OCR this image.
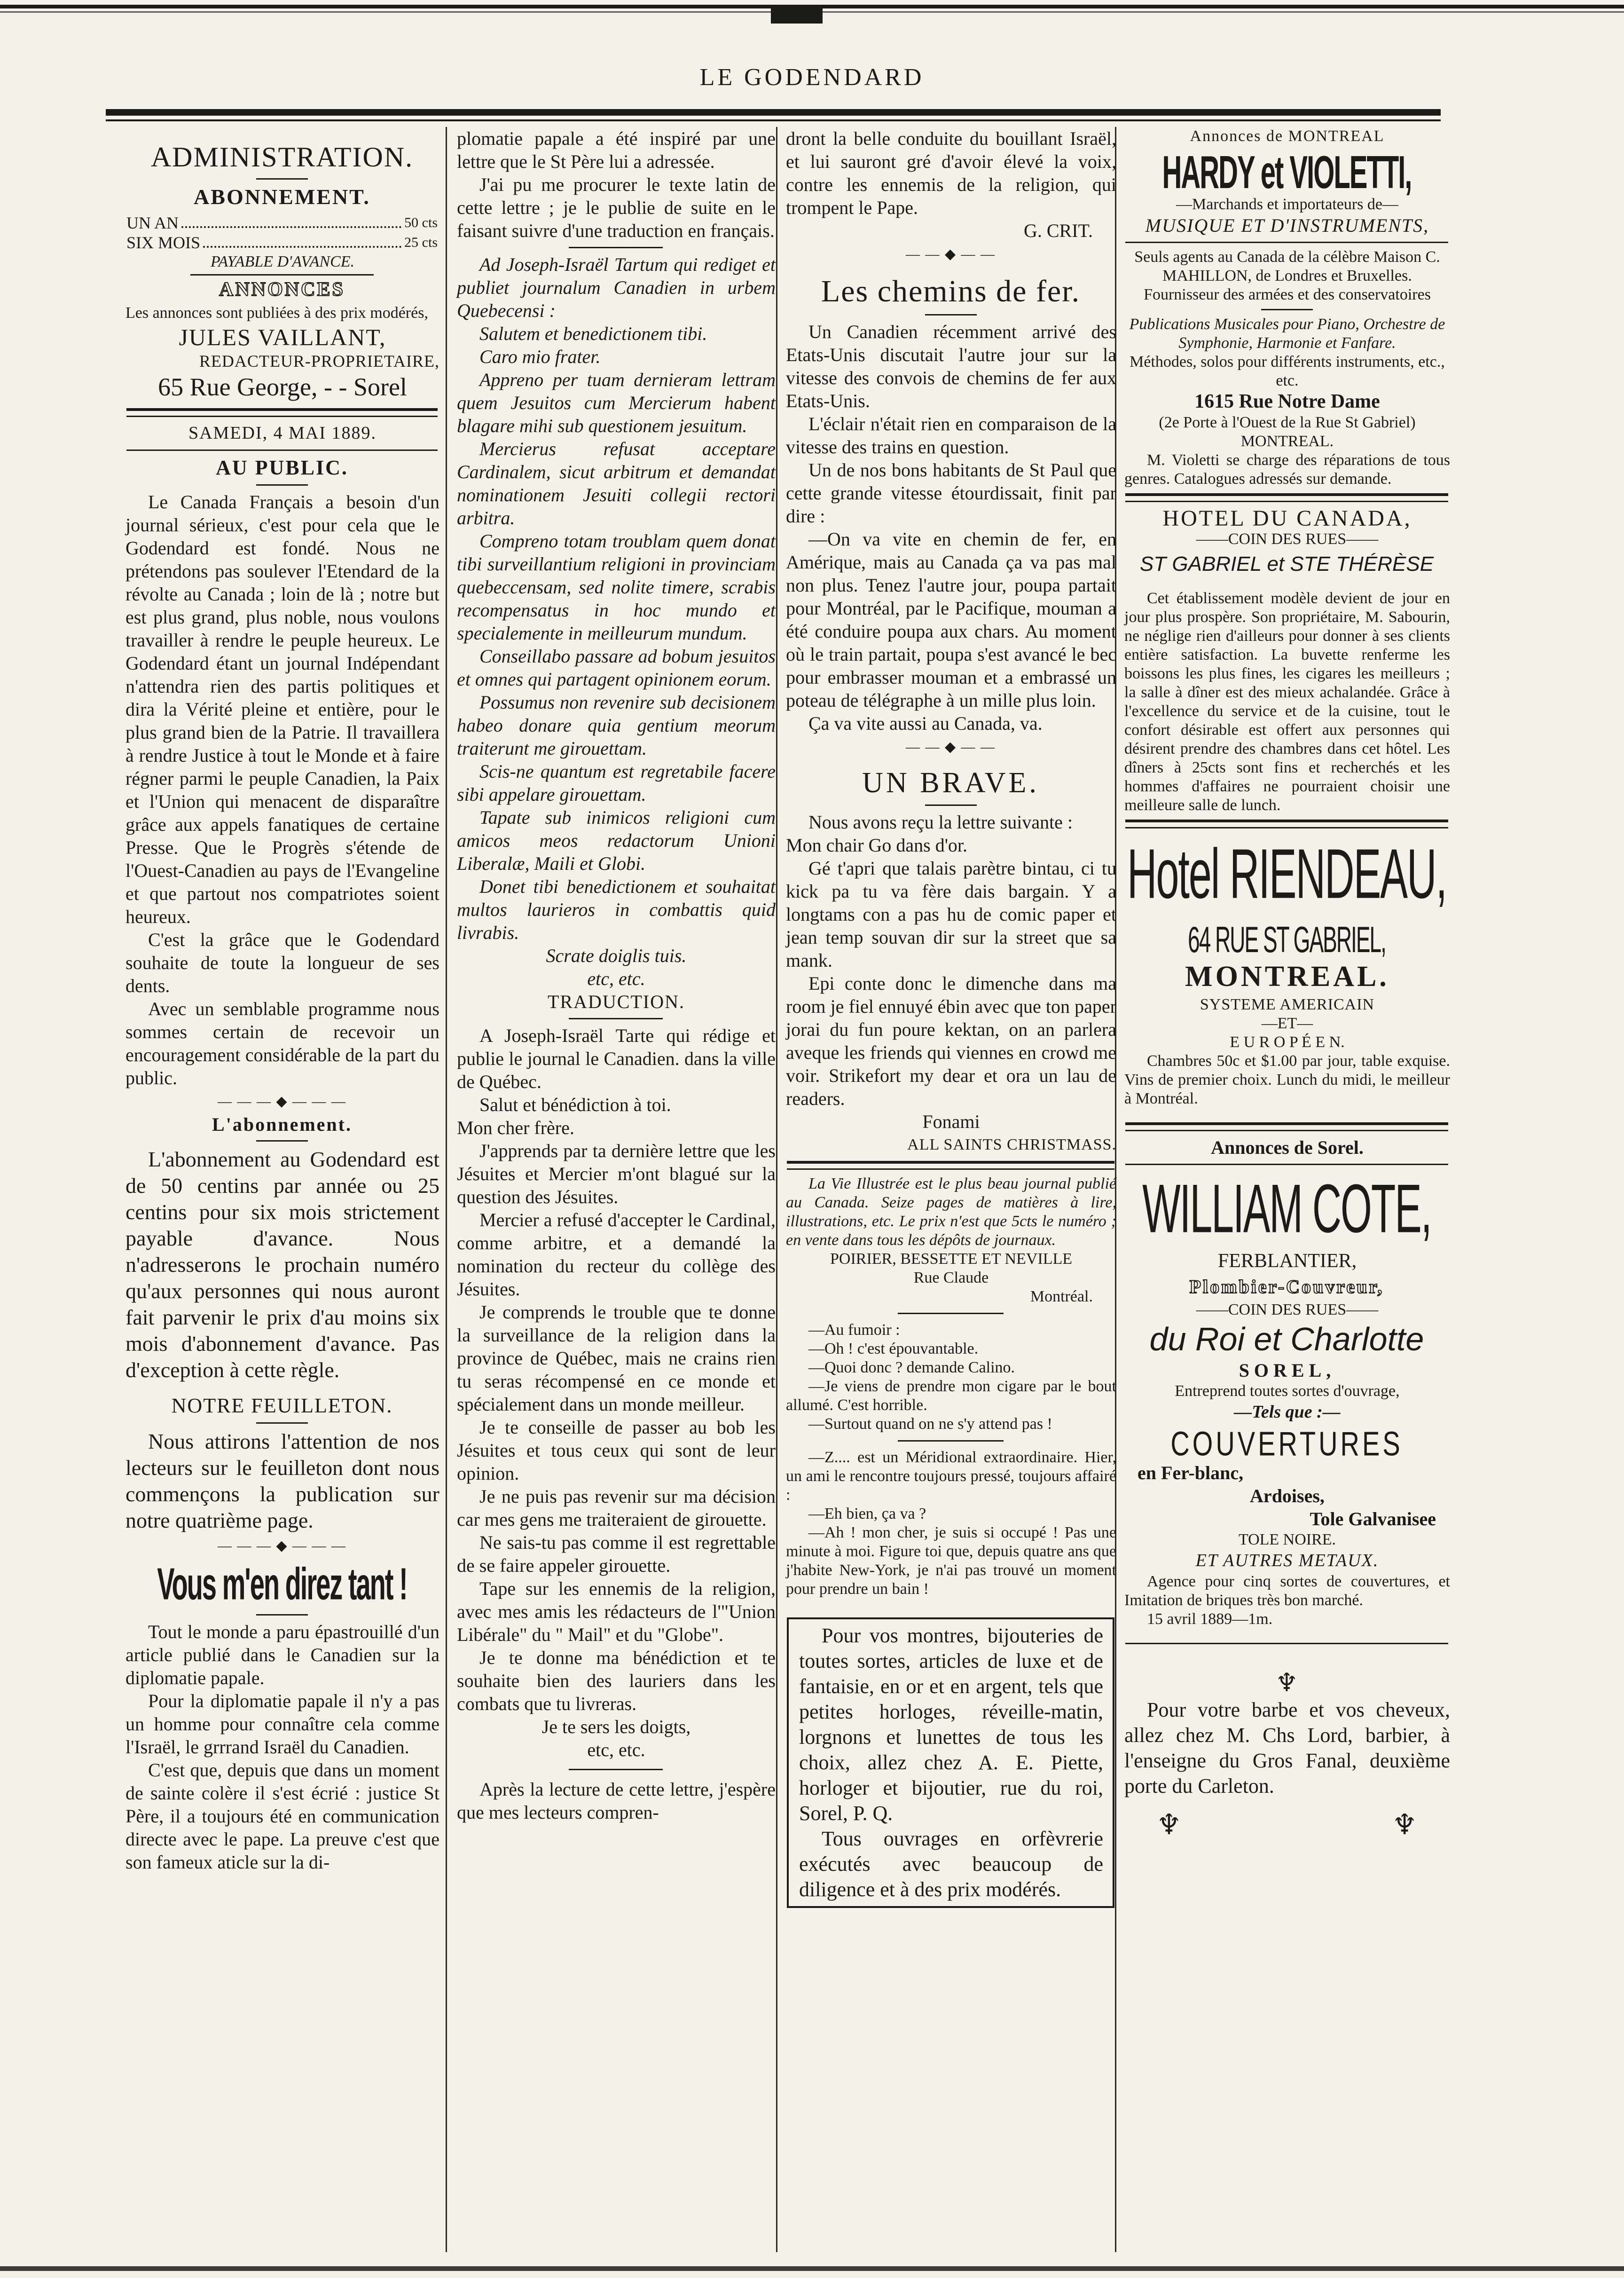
LE GODENDARD
ADMINISTRATION.
ABONNEMENT.
UN AN	50 cts
SIX MOIS	25 cts
PAYABLE D'AVANCE.
ANNONCES
Les annonces sont publiées à des prix modérés,
JULES VAILLANT,
REDACTEUR-PROPRIETAIRE,
65 Rue George, - - Sorel
SAMEDI, 4 MAI 1889.
AU PUBLIC.
Le Canada Français a besoin d'un journal sérieux, c'est pour cela que le Godendard est fondé. Nous ne prétendons pas soulever l'Etendard de la révolte au Canada ; loin de là ; notre but est plus grand, plus noble, nous voulons travailler à rendre le peuple heureux. Le Godendard étant un journal Indépendant n'attendra rien des partis politiques et dira la Vérité pleine et entière, pour le plus grand bien de la Patrie. Il travaillera à rendre Justice à tout le Monde et à faire régner parmi le peuple Canadien, la Paix et l'Union qui menacent de disparaître grâce aux appels fanatiques de certaine Presse. Que le Progrès s'étende de l'Ouest-Canadien au pays de l'Evangeline et que partout nos compatriotes soient heureux.
C'est la grâce que le Godendard souhaite de toute la longueur de ses dents.
Avec un semblable programme nous sommes certain de recevoir un encouragement considérable de la part du public.
— — — ◆ — — —
L'abonnement.
L'abonnement au Godendard est de 50 centins par année ou 25 centins pour six mois strictement payable d'avance. Nous n'adresserons le prochain numéro qu'aux personnes qui nous auront fait parvenir le prix d'au moins six mois d'abonnement d'avance. Pas d'exception à cette règle.
NOTRE FEUILLETON.
Nous attirons l'attention de nos lecteurs sur le feuilleton dont nous commençons la publication sur notre quatrième page.
— — — ◆ — — —
Vous m'en direz tant !
Tout le monde a paru épastrouillé d'un article publié dans le Canadien sur la diplomatie papale.
Pour la diplomatie papale il n'y a pas un homme pour connaître cela comme l'Israël, le grrrand Israël du Canadien.
C'est que, depuis que dans un moment de sainte colère il s'est écrié : justice St Père, il a toujours été en communication directe avec le pape. La preuve c'est que son fameux aticle sur la di-
plomatie papale a été inspiré par une lettre que le St Père lui a adressée.
J'ai pu me procurer le texte latin de cette lettre ; je le publie de suite en le faisant suivre d'une traduction en français.
Ad Joseph-Israël Tartum qui rediget et publiet journalum Canadien in urbem Quebecensi :
Salutem et benedictionem tibi.
Caro mio frater.
Appreno per tuam dernieram lettram quem Jesuitos cum Mercierum habent blagare mihi sub questionem jesuitum.
Mercierus refusat acceptare Cardinalem, sicut arbitrum et demandat nominationem Jesuiti collegii rectori arbitra.
Compreno totam troublam quem donat tibi surveillantium religioni in provinciam quebeccensam, sed nolite timere, scrabis recompensatus in hoc mundo et specialemente in meilleurum mundum.
Conseillabo passare ad bobum jesuitos et omnes qui partagent opinionem eorum.
Possumus non revenire sub decisionem habeo donare quia gentium meorum traiterunt me girouettam.
Scis-ne quantum est regretabile facere sibi appelare girouettam.
Tapate sub inimicos religioni cum amicos meos redactorum Unioni Liberalæ, Maili et Globi.
Donet tibi benedictionem et souhaitat multos laurieros in combattis quid livrabis.
Scrate doiglis tuis.
etc, etc.
TRADUCTION.
A Joseph-Israël Tarte qui rédige et publie le journal le Canadien. dans la ville de Québec.
Salut et bénédiction à toi.
Mon cher frère.
J'apprends par ta dernière lettre que les Jésuites et Mercier m'ont blagué sur la question des Jésuites.
Mercier a refusé d'accepter le Cardinal, comme arbitre, et a demandé la nomination du recteur du collège des Jésuites.
Je comprends le trouble que te donne la surveillance de la religion dans la province de Québec, mais ne crains rien tu seras récompensé en ce monde et spécialement dans un monde meilleur.
Je te conseille de passer au bob les Jésuites et tous ceux qui sont de leur opinion.
Je ne puis pas revenir sur ma décision car mes gens me traiteraient de girouette.
Ne sais-tu pas comme il est regrettable de se faire appeler girouette.
Tape sur les ennemis de la religion, avec mes amis les rédacteurs de l'"Union Libérale" du " Mail" et du "Globe".
Je te donne ma bénédiction et te souhaite bien des lauriers dans les combats que tu livreras.
Je te sers les doigts,
etc, etc.
Après la lecture de cette lettre, j'espère que mes lecteurs compren-
dront la belle conduite du bouillant Israël, et lui sauront gré d'avoir élevé la voix, contre les ennemis de la religion, qui trompent le Pape.
G. CRIT.
— — ◆ — —
Les chemins de fer.
Un Canadien récemment arrivé des Etats-Unis discutait l'autre jour sur la vitesse des convois de chemins de fer aux Etats-Unis.
L'éclair n'était rien en comparaison de la vitesse des trains en question.
Un de nos bons habitants de St Paul que cette grande vitesse étourdissait, finit par dire :
—On va vite en chemin de fer, en Amérique, mais au Canada ça va pas mal non plus. Tenez l'autre jour, poupa partait pour Montréal, par le Pacifique, mouman a été conduire poupa aux chars. Au moment où le train partait, poupa s'est avancé le bec pour embrasser mouman et a embrassé un poteau de télégraphe à un mille plus loin.
Ça va vite aussi au Canada, va.
— — ◆ — —
UN BRAVE.
Nous avons reçu la lettre suivante :
Mon chair Go dans d'or.
Gé t'apri que talais parètre bintau, ci tu kick pa tu va fère dais bargain. Y a longtams con a pas hu de comic paper et jean temp souvan dir sur la street que sa mank.
Epi conte donc le dimenche dans ma room je fiel ennuyé ébin avec que ton paper jorai du fun poure kektan, on an parlera aveque les friends qui viennes en crowd me voir. Strikefort my dear et ora un lau de readers.
Fonami
ALL SAINTS CHRISTMASS.
La Vie Illustrée est le plus beau journal publié au Canada. Seize pages de matières à lire, illustrations, etc. Le prix n'est que 5cts le numéro ; en vente dans tous les dépôts de journaux.
POIRIER, BESSETTE ET NEVILLE
Rue Claude
Montréal.
—Au fumoir :
—Oh ! c'est épouvantable.
—Quoi donc ? demande Calino.
—Je viens de prendre mon cigare par le bout allumé. C'est horrible.
—Surtout quand on ne s'y attend pas !
—Z.... est un Méridional extraordinaire. Hier, un ami le rencontre toujours pressé, toujours affairé :
—Eh bien, ça va ?
—Ah ! mon cher, je suis si occupé ! Pas une minute à moi. Figure toi que, depuis quatre ans que j'habite New-York, je n'ai pas trouvé un moment pour prendre un bain !
Pour vos montres, bijouteries de toutes sortes, articles de luxe et de fantaisie, en or et en argent, tels que petites horloges, réveille-matin, lorgnons et lunettes de tous les choix, allez chez A. E. Piette, horloger et bijoutier, rue du roi, Sorel, P. Q.
Tous ouvrages en orfèvrerie exécutés avec beaucoup de diligence et à des prix modérés.
Annonces de MONTREAL
HARDY et VIOLETTI,
—Marchands et importateurs de—
MUSIQUE ET D'INSTRUMENTS,
Seuls agents au Canada de la célèbre Maison C. MAHILLON, de Londres et Bruxelles.
Fournisseur des armées et des conservatoires
Publications Musicales pour Piano, Orchestre de Symphonie, Harmonie et Fanfare.
Méthodes, solos pour différents instruments, etc., etc.
1615 Rue Notre Dame
(2e Porte à l'Ouest de la Rue St Gabriel)
MONTREAL.
M. Violetti se charge des réparations de tous genres. Catalogues adressés sur demande.
HOTEL DU CANADA,
——COIN DES RUES——
ST GABRIEL et STE THÉRÈSE
Cet établissement modèle devient de jour en jour plus prospère. Son propriétaire, M. Sabourin, ne néglige rien d'ailleurs pour donner à ses clients entière satisfaction. La buvette renferme les boissons les plus fines, les cigares les meilleurs ; la salle à dîner est des mieux achalandée. Grâce à l'excellence du service et de la cuisine, tout le confort désirable est offert aux personnes qui désirent prendre des chambres dans cet hôtel. Les dîners à 25cts sont fins et recherchés et les hommes d'affaires ne pourraient choisir une meilleure salle de lunch.
Hotel RIENDEAU,
64 RUE ST GABRIEL,
MONTREAL.
SYSTEME AMERICAIN
—ET—
E U R O P É E N.
Chambres 50c et $1.00 par jour, table exquise. Vins de premier choix. Lunch du midi, le meilleur à Montréal.
Annonces de Sorel.
WILLIAM COTE,
FERBLANTIER,
Plombier-Couvreur,
——COIN DES RUES——
du Roi et Charlotte
SOREL,
Entreprend toutes sortes d'ouvrage,
—Tels que :—
COUVERTURES
en Fer-blanc,
Ardoises,
Tole Galvanisee
TOLE NOIRE.
ET AUTRES METAUX.
Agence pour cinq sortes de couvertures, et Imitation de briques très bon marché.
15 avril 1889—1m.
♆
Pour votre barbe et vos cheveux, allez chez M. Chs Lord, barbier, à l'enseigne du Gros Fanal, deuxième porte du Carleton.
♆	♆
